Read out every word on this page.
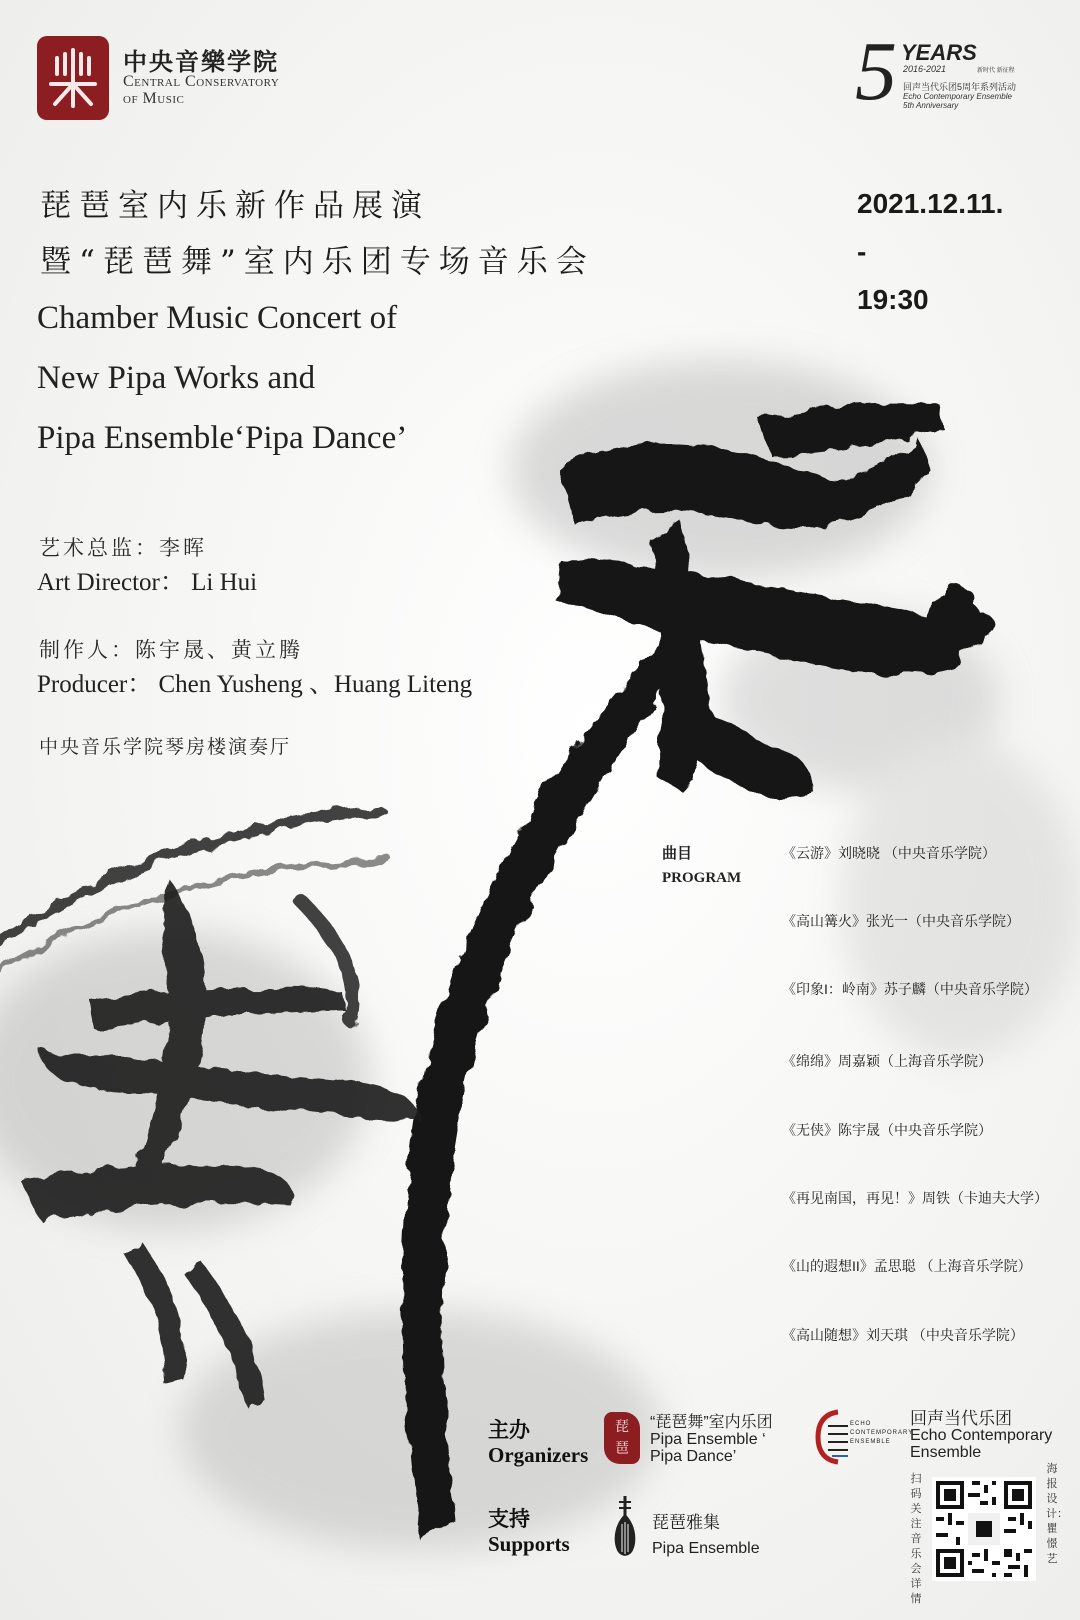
中央音樂学院
Central Conservatory
of Music	5 YEARS
2016-2021	新时代 新征程
回声当代乐团5周年系列活动
Echo Contemporary Ensemble
5th Anniversary
琵琶室内乐新作品展演
暨“琵琶舞”室内乐团专场音乐会
Chamber Music Concert of
New Pipa Works and
Pipa Ensemble‘Pipa Dance’
2021.12.11.
-
19:30
艺术总监：李晖
Art Director： Li Hui
制作人：陈宇晟、黄立腾
Producer： Chen Yusheng 、Huang Liteng
中央音乐学院琴房楼演奏厅
曲目
PROGRAM
《云游》刘晓晓 （中央音乐学院）
《高山篝火》张光一（中央音乐学院）
《印象I：岭南》苏子麟（中央音乐学院）
《绵绵》周嘉颖（上海音乐学院）
《无侠》陈宇晟（中央音乐学院）
《再见南国，再见！》周铁（卡迪夫大学）
《山的遐想II》孟思聪 （上海音乐学院）
《高山随想》刘天琪 （中央音乐学院）
主办
Organizers
琵琶
“琵琶舞”室内乐团
Pipa Ensemble ‘
Pipa Dance’
ECHO CONTEMPORARY ENSEMBLE
回声当代乐团
Echo Contemporary
Ensemble
支持
Supports
琵琶雅集
Pipa Ensemble
扫码关注音乐会详情
海报设计：瞿憬艺
